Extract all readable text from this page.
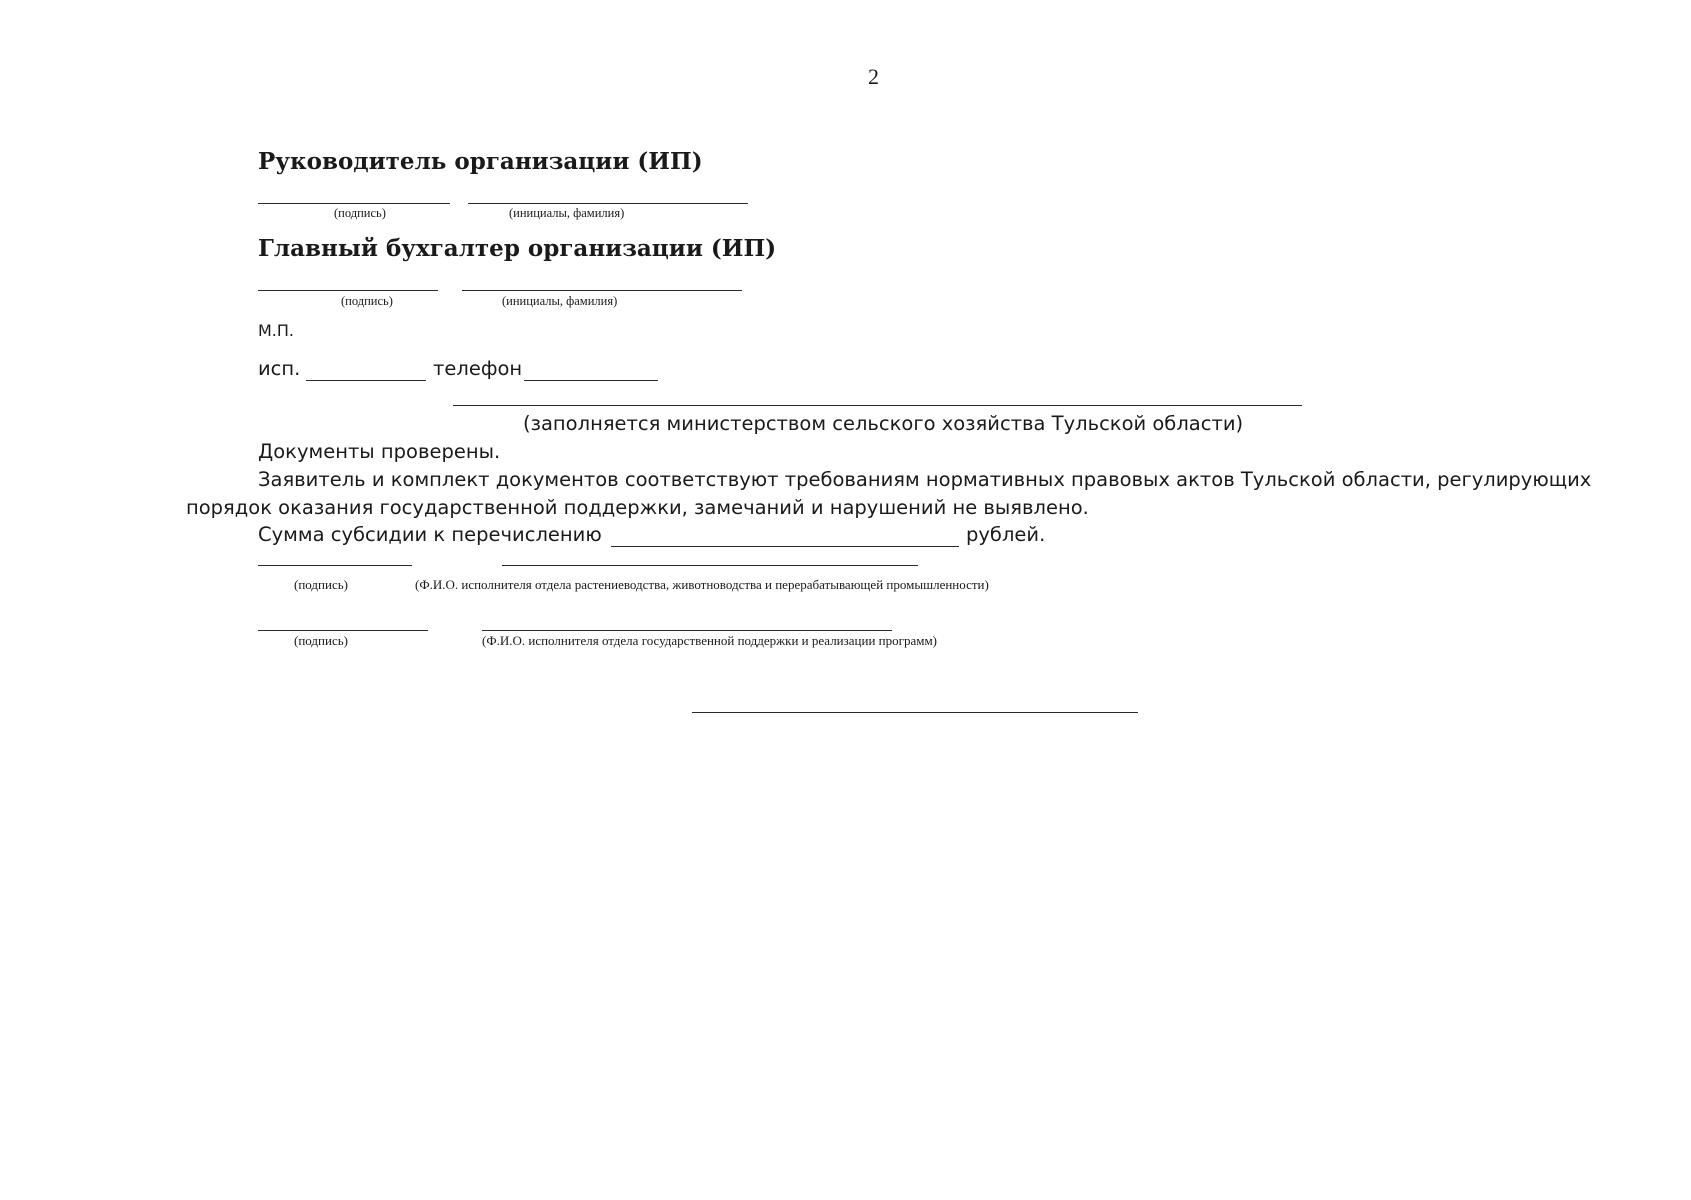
2
Руководитель организации (ИП)
(подпись)	(инициалы, фамилия)
Главный бухгалтер организации (ИП)
(подпись)	(инициалы, фамилия)
М.П.
исп.	телефон
(заполняется министерством сельского хозяйства Тульской области)
Документы проверены.
Заявитель и комплект документов соответствуют требованиям нормативных правовых актов Тульской области, регулирующих
порядок оказания государственной поддержки, замечаний и нарушений не выявлено.
Сумма субсидии к перечислению	рублей.
(подпись)	(Ф.И.О. исполнителя отдела растениеводства, животноводства и перерабатывающей промышленности)
(подпись)	(Ф.И.О. исполнителя отдела государственной поддержки и реализации программ)
